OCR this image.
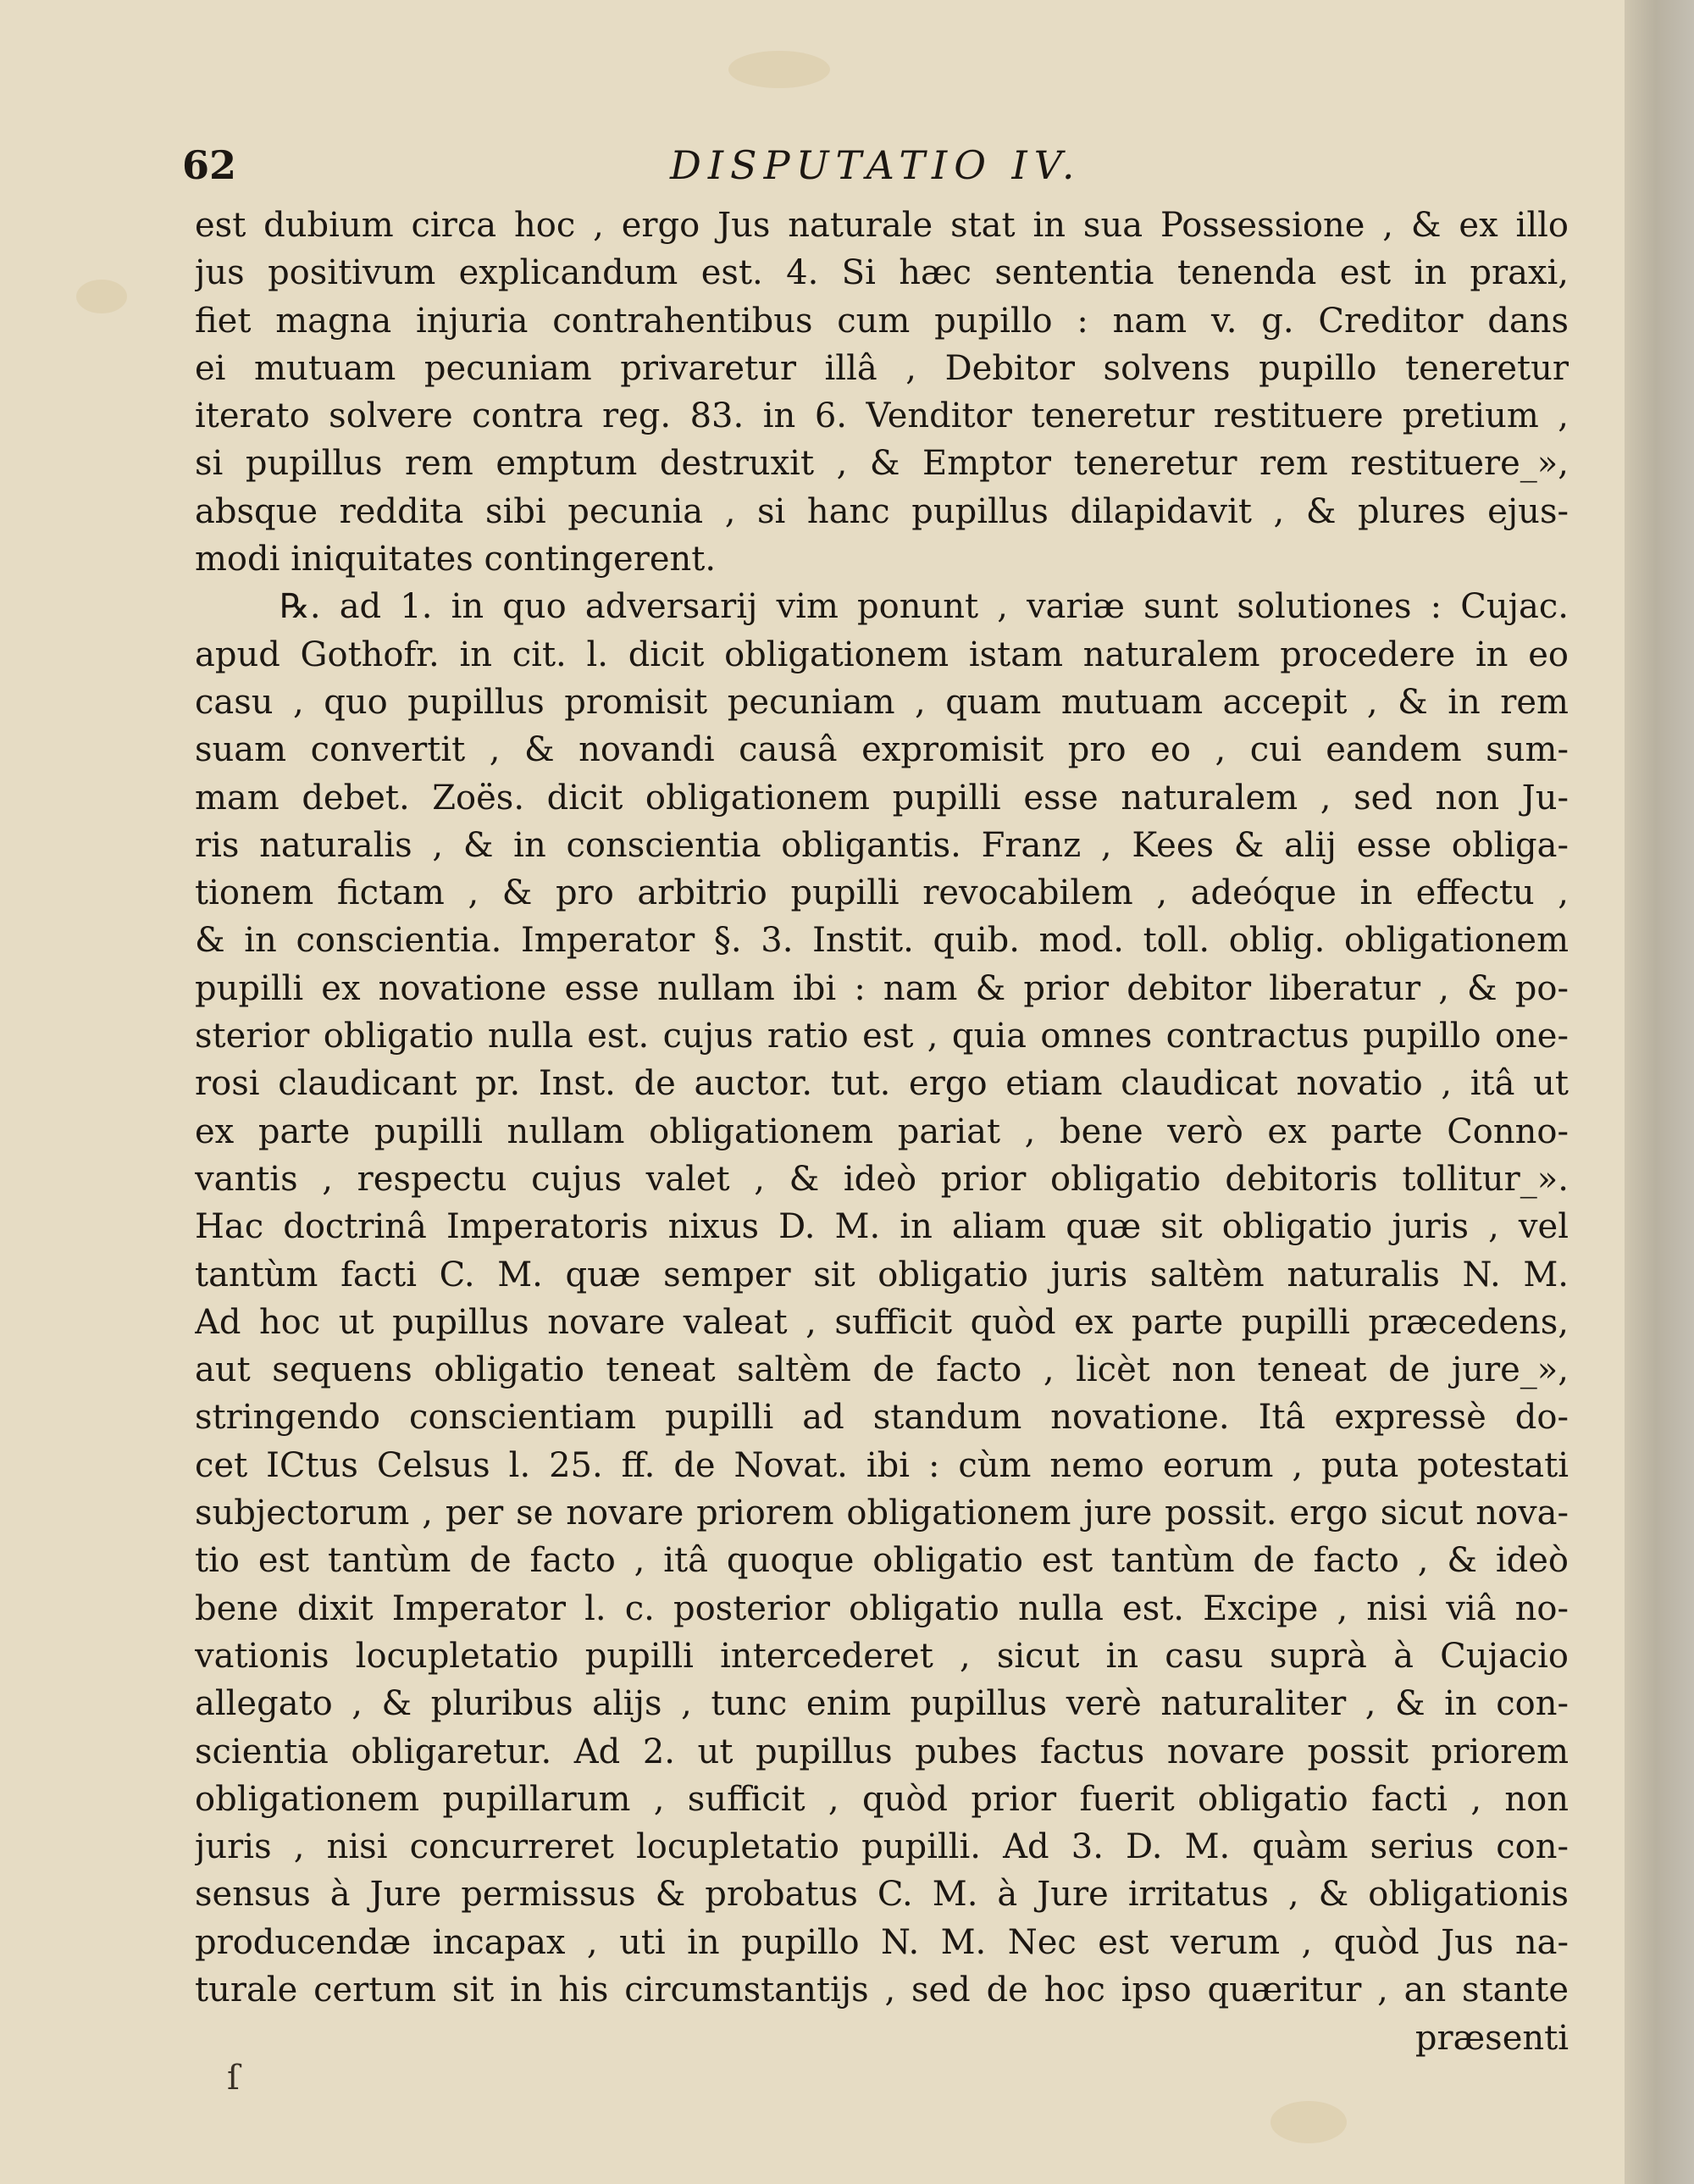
62	DISPUTATIO IV.
est dubium circa hoc , ergo Jus naturale stat in sua Possessione , & ex illo
jus positivum explicandum est. 4. Si hæc sententia tenenda est in praxi,
fiet magna injuria contrahentibus cum pupillo : nam v. g. Creditor dans
ei mutuam pecuniam privaretur illâ , Debitor solvens pupillo teneretur
iterato solvere contra reg. 83. in 6. Venditor teneretur restituere pretium ,
si pupillus rem emptum destruxit , & Emptor teneretur rem restituere_»,
absque reddita sibi pecunia , si hanc pupillus dilapidavit , & plures ejus-
modi iniquitates contingerent.
℞. ad 1. in quo adversarij vim ponunt , variæ sunt solutiones : Cujac.
apud Gothofr. in cit. l. dicit obligationem istam naturalem procedere in eo
casu , quo pupillus promisit pecuniam , quam mutuam accepit , & in rem
suam convertit , & novandi causâ expromisit pro eo , cui eandem sum-
mam debet. Zoës. dicit obligationem pupilli esse naturalem , sed non Ju-
ris naturalis , & in conscientia obligantis. Franz , Kees & alij esse obliga-
tionem fictam , & pro arbitrio pupilli revocabilem , adeóque in effectu ,
& in conscientia. Imperator §. 3. Instit. quib. mod. toll. oblig. obligationem
pupilli ex novatione esse nullam ibi : nam & prior debitor liberatur , & po-
sterior obligatio nulla est. cujus ratio est , quia omnes contractus pupillo one-
rosi claudicant pr. Inst. de auctor. tut. ergo etiam claudicat novatio , itâ ut
ex parte pupilli nullam obligationem pariat , bene verò ex parte Conno-
vantis , respectu cujus valet , & ideò prior obligatio debitoris tollitur_».
Hac doctrinâ Imperatoris nixus D. M. in aliam quæ sit obligatio juris , vel
tantùm facti C. M. quæ semper sit obligatio juris saltèm naturalis N. M.
Ad hoc ut pupillus novare valeat , sufficit quòd ex parte pupilli præcedens,
aut sequens obligatio teneat saltèm de facto , licèt non teneat de jure_»,
stringendo conscientiam pupilli ad standum novatione. Itâ expressè do-
cet ICtus Celsus l. 25. ff. de Novat. ibi : cùm nemo eorum , puta potestati
subjectorum , per se novare priorem obligationem jure possit. ergo sicut nova-
tio est tantùm de facto , itâ quoque obligatio est tantùm de facto , & ideò
bene dixit Imperator l. c. posterior obligatio nulla est. Excipe , nisi viâ no-
vationis locupletatio pupilli intercederet , sicut in casu suprà à Cujacio
allegato , & pluribus alijs , tunc enim pupillus verè naturaliter , & in con-
scientia obligaretur. Ad 2. ut pupillus pubes factus novare possit priorem
obligationem pupillarum , sufficit , quòd prior fuerit obligatio facti , non
juris , nisi concurreret locupletatio pupilli. Ad 3. D. M. quàm serius con-
sensus à Jure permissus & probatus C. M. à Jure irritatus , & obligationis
producendæ incapax , uti in pupillo N. M. Nec est verum , quòd Jus na-
turale certum sit in his circumstantijs , sed de hoc ipso quæritur , an stante
præsenti
ſ
